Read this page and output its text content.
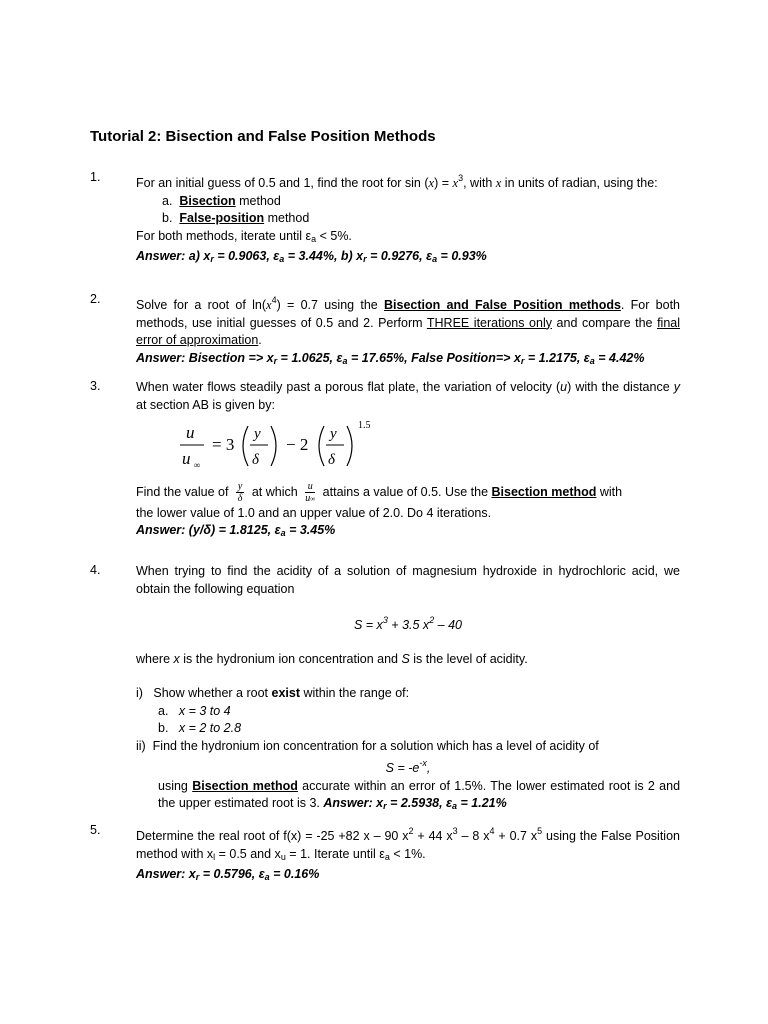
Tutorial 2: Bisection and False Position Methods
1.	For an initial guess of 0.5 and 1, find the root for $\sin (x) = x^3$, with x in units of radian, using the:
a. Bisection method
b. False-position method
For both methods, iterate until $\varepsilon_a < 5\%$.
Answer: a) $x_r = 0.9063$, $\varepsilon_a = 3.44\%$, b) $x_r = 0.9276$, $\varepsilon_a = 0.93\%$
2.	Solve for a root of $\ln(x^4) = 0.7$ using the Bisection and False Position methods. For both methods, use initial guesses of 0.5 and 2. Perform THREE iterations only and compare the final error of approximation.
Answer: Bisection => $x_r = 1.0625$, $\varepsilon_a = 17.65\%$, False Position=> $x_r = 1.2175$, $\varepsilon_a = 4.42\%$
3.	When water flows steadily past a porous flat plate, the variation of velocity (u) with the distance y at section AB is given by:
u
u ∞
= 3
y
δ
− 2
y
δ
1.5
Find the value of $\frac{y}{\delta}$ at which $\frac{u}{u\infty}$ attains a value of 0.5. Use the Bisection method with
the lower value of 1.0 and an upper value of 2.0. Do 4 iterations.
Answer: (y/δ) = 1.8125, $\varepsilon_a = 3.45\%$
4.	When trying to find the acidity of a solution of magnesium hydroxide in hydrochloric acid, we obtain the following equation
$S = x^3 + 3.5$ $x^2 - 40$
where x is the hydronium ion concentration and S is the level of acidity.
i) Show whether a root exist within the range of:
a. x = 3 to 4
b. x = 2 to 2.8
ii) Find the hydronium ion concentration for a solution which has a level of acidity of
$S = -e^{-x}$,
using Bisection method accurate within an error of 1.5%. The lower estimated root is 2 and the upper estimated root is 3. Answer: $x_r = 2.5938$, $\varepsilon_a = 1.21\%$
5.	Determine the real root of f(x) = -25 +82 x – 90 $x^2 + 44$ $x^3 - 8$ $x^4 + 0.7$ $x^5$ using the False Position method with $x_l = 0.5$ and $x_u = 1$. Iterate until $\varepsilon_a < 1\%$.
Answer: $x_r = 0.5796$, $\varepsilon_a = 0.16\%$
